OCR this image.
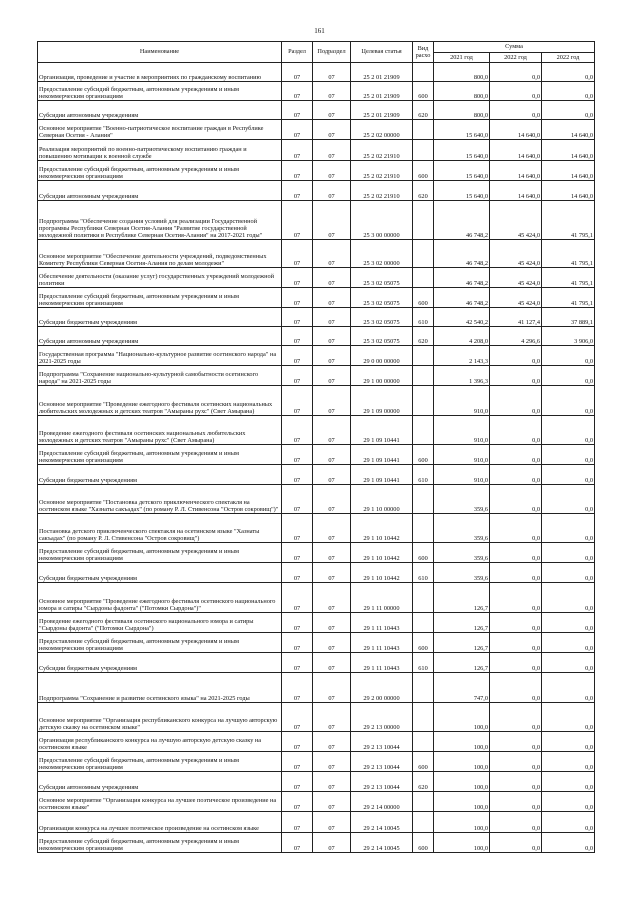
161
Наименование	Раздел	Подраздел	Целевая статья	Вид расхо	Сумма		
					2021 год	2022 год	2022 год
Организация, проведение и участие в мероприятиях по гражданскому воспитанию	07	07	25 2 01 21909		800,0	0,0	0,0
Предоставление субсидий бюджетным, автономным учреждениям и иным некоммерческим организациям	07	07	25 2 01 21909	600	800,0	0,0	0,0
Субсидии автономным учреждениям	07	07	25 2 01 21909	620	800,0	0,0	0,0
Основное мероприятие "Военно-патриотическое воспитание граждан в Республике Северная Осетия - Алания"	07	07	25 2 02 00000		15 640,0	14 640,0	14 640,0
Реализация мероприятий по военно-патриотическому воспитанию граждан и повышению мотивации к военной службе	07	07	25 2 02 21910		15 640,0	14 640,0	14 640,0
Предоставление субсидий бюджетным, автономным учреждениям и иным некоммерческим организациям	07	07	25 2 02 21910	600	15 640,0	14 640,0	14 640,0
Субсидии автономным учреждениям	07	07	25 2 02 21910	620	15 640,0	14 640,0	14 640,0
Подпрограмма "Обеспечение создания условий для реализации Государственной программы Республики Северная Осетия-Алания "Развитие государственной молодежной политики в Республике Северная Осетия-Алания" на 2017-2021 годы"	07	07	25 3 00 00000		46 748,2	45 424,0	41 795,1
Основное мероприятие "Обеспечение деятельности учреждений, подведомственных Комитету Республики Северная Осетия-Алания по делам молодежи"	07	07	25 3 02 00000		46 748,2	45 424,0	41 795,1
Обеспечение деятельности (оказание услуг) государственных учреждений молодежной политики	07	07	25 3 02 05075		46 748,2	45 424,0	41 795,1
Предоставление субсидий бюджетным, автономным учреждениям и иным некоммерческим организациям	07	07	25 3 02 05075	600	46 748,2	45 424,0	41 795,1
Субсидии бюджетным учреждениям	07	07	25 3 02 05075	610	42 540,2	41 127,4	37 889,1
Субсидии автономным учреждениям	07	07	25 3 02 05075	620	4 208,0	4 296,6	3 906,0
Государственная программа "Национально-культурное развитие осетинского народа" на 2021-2025 годы	07	07	29 0 00 00000		2 143,3	0,0	0,0
Подпрограмма "Сохранение национально-культурной самобытности осетинского народа" на 2021-2025 годы	07	07	29 1 00 00000		1 396,3	0,0	0,0
Основное мероприятие "Проведение ежегодного фестиваля осетинских национальных любительских молодежных и детских театров "Амыраны рухс" (Свет Амырана)	07	07	29 1 09 00000		910,0	0,0	0,0
Проведение ежегодного фестиваля осетинских национальных любительских молодежных и детских театров "Амыраны рухс" (Свет Амырана)	07	07	29 1 09 10441		910,0	0,0	0,0
Предоставление субсидий бюджетным, автономным учреждениям и иным некоммерческим организациям	07	07	29 1 09 10441	600	910,0	0,0	0,0
Субсидии бюджетным учреждениям	07	07	29 1 09 10441	610	910,0	0,0	0,0
Основное мероприятие "Постановка детского приключенческого спектакля на осетинском языке "Хазнаты сакъадах" (по роману Р. Л. Стивенсона "Остров сокровищ")"	07	07	29 1 10 00000		359,6	0,0	0,0
Постановка детского приключенческого спектакля на осетинском языке "Хазнаты сакъадах" (по роману Р. Л. Стивенсона "Остров сокровищ")	07	07	29 1 10 10442		359,6	0,0	0,0
Предоставление субсидий бюджетным, автономным учреждениям и иным некоммерческим организациям	07	07	29 1 10 10442	600	359,6	0,0	0,0
Субсидии бюджетным учреждениям	07	07	29 1 10 10442	610	359,6	0,0	0,0
Основное мероприятие "Проведение ежегодного фестиваля осетинского национального юмора и сатиры "Сырдоны фадонта" ("Потомки Сырдона")"	07	07	29 1 11 00000		126,7	0,0	0,0
Проведение ежегодного фестиваля осетинского национального юмора и сатиры "Сырдоны фадонта" ("Потомки Сырдона")	07	07	29 1 11 10443		126,7	0,0	0,0
Предоставление субсидий бюджетным, автономным учреждениям и иным некоммерческим организациям	07	07	29 1 11 10443	600	126,7	0,0	0,0
Субсидии бюджетным учреждениям	07	07	29 1 11 10443	610	126,7	0,0	0,0
Подпрограмма "Сохранение и развитие осетинского языка" на 2021-2025 годы	07	07	29 2 00 00000		747,0	0,0	0,0
Основное мероприятие "Организация республиканского конкурса на лучшую авторскую детскую сказку на осетинском языке"	07	07	29 2 13 00000		100,0	0,0	0,0
Организация республиканского конкурса на лучшую авторскую детскую сказку на осетинском языке	07	07	29 2 13 10044		100,0	0,0	0,0
Предоставление субсидий бюджетным, автономным учреждениям и иным некоммерческим организациям	07	07	29 2 13 10044	600	100,0	0,0	0,0
Субсидии автономным учреждениям	07	07	29 2 13 10044	620	100,0	0,0	0,0
Основное мероприятие "Организация конкурса на лучшее поэтическое произведение на осетинском языке"	07	07	29 2 14 00000		100,0	0,0	0,0
Организация конкурса на лучшее поэтическое произведение на осетинском языке	07	07	29 2 14 10045		100,0	0,0	0,0
Предоставление субсидий бюджетным, автономным учреждениям и иным некоммерческим организациям	07	07	29 2 14 10045	600	100,0	0,0	0,0
